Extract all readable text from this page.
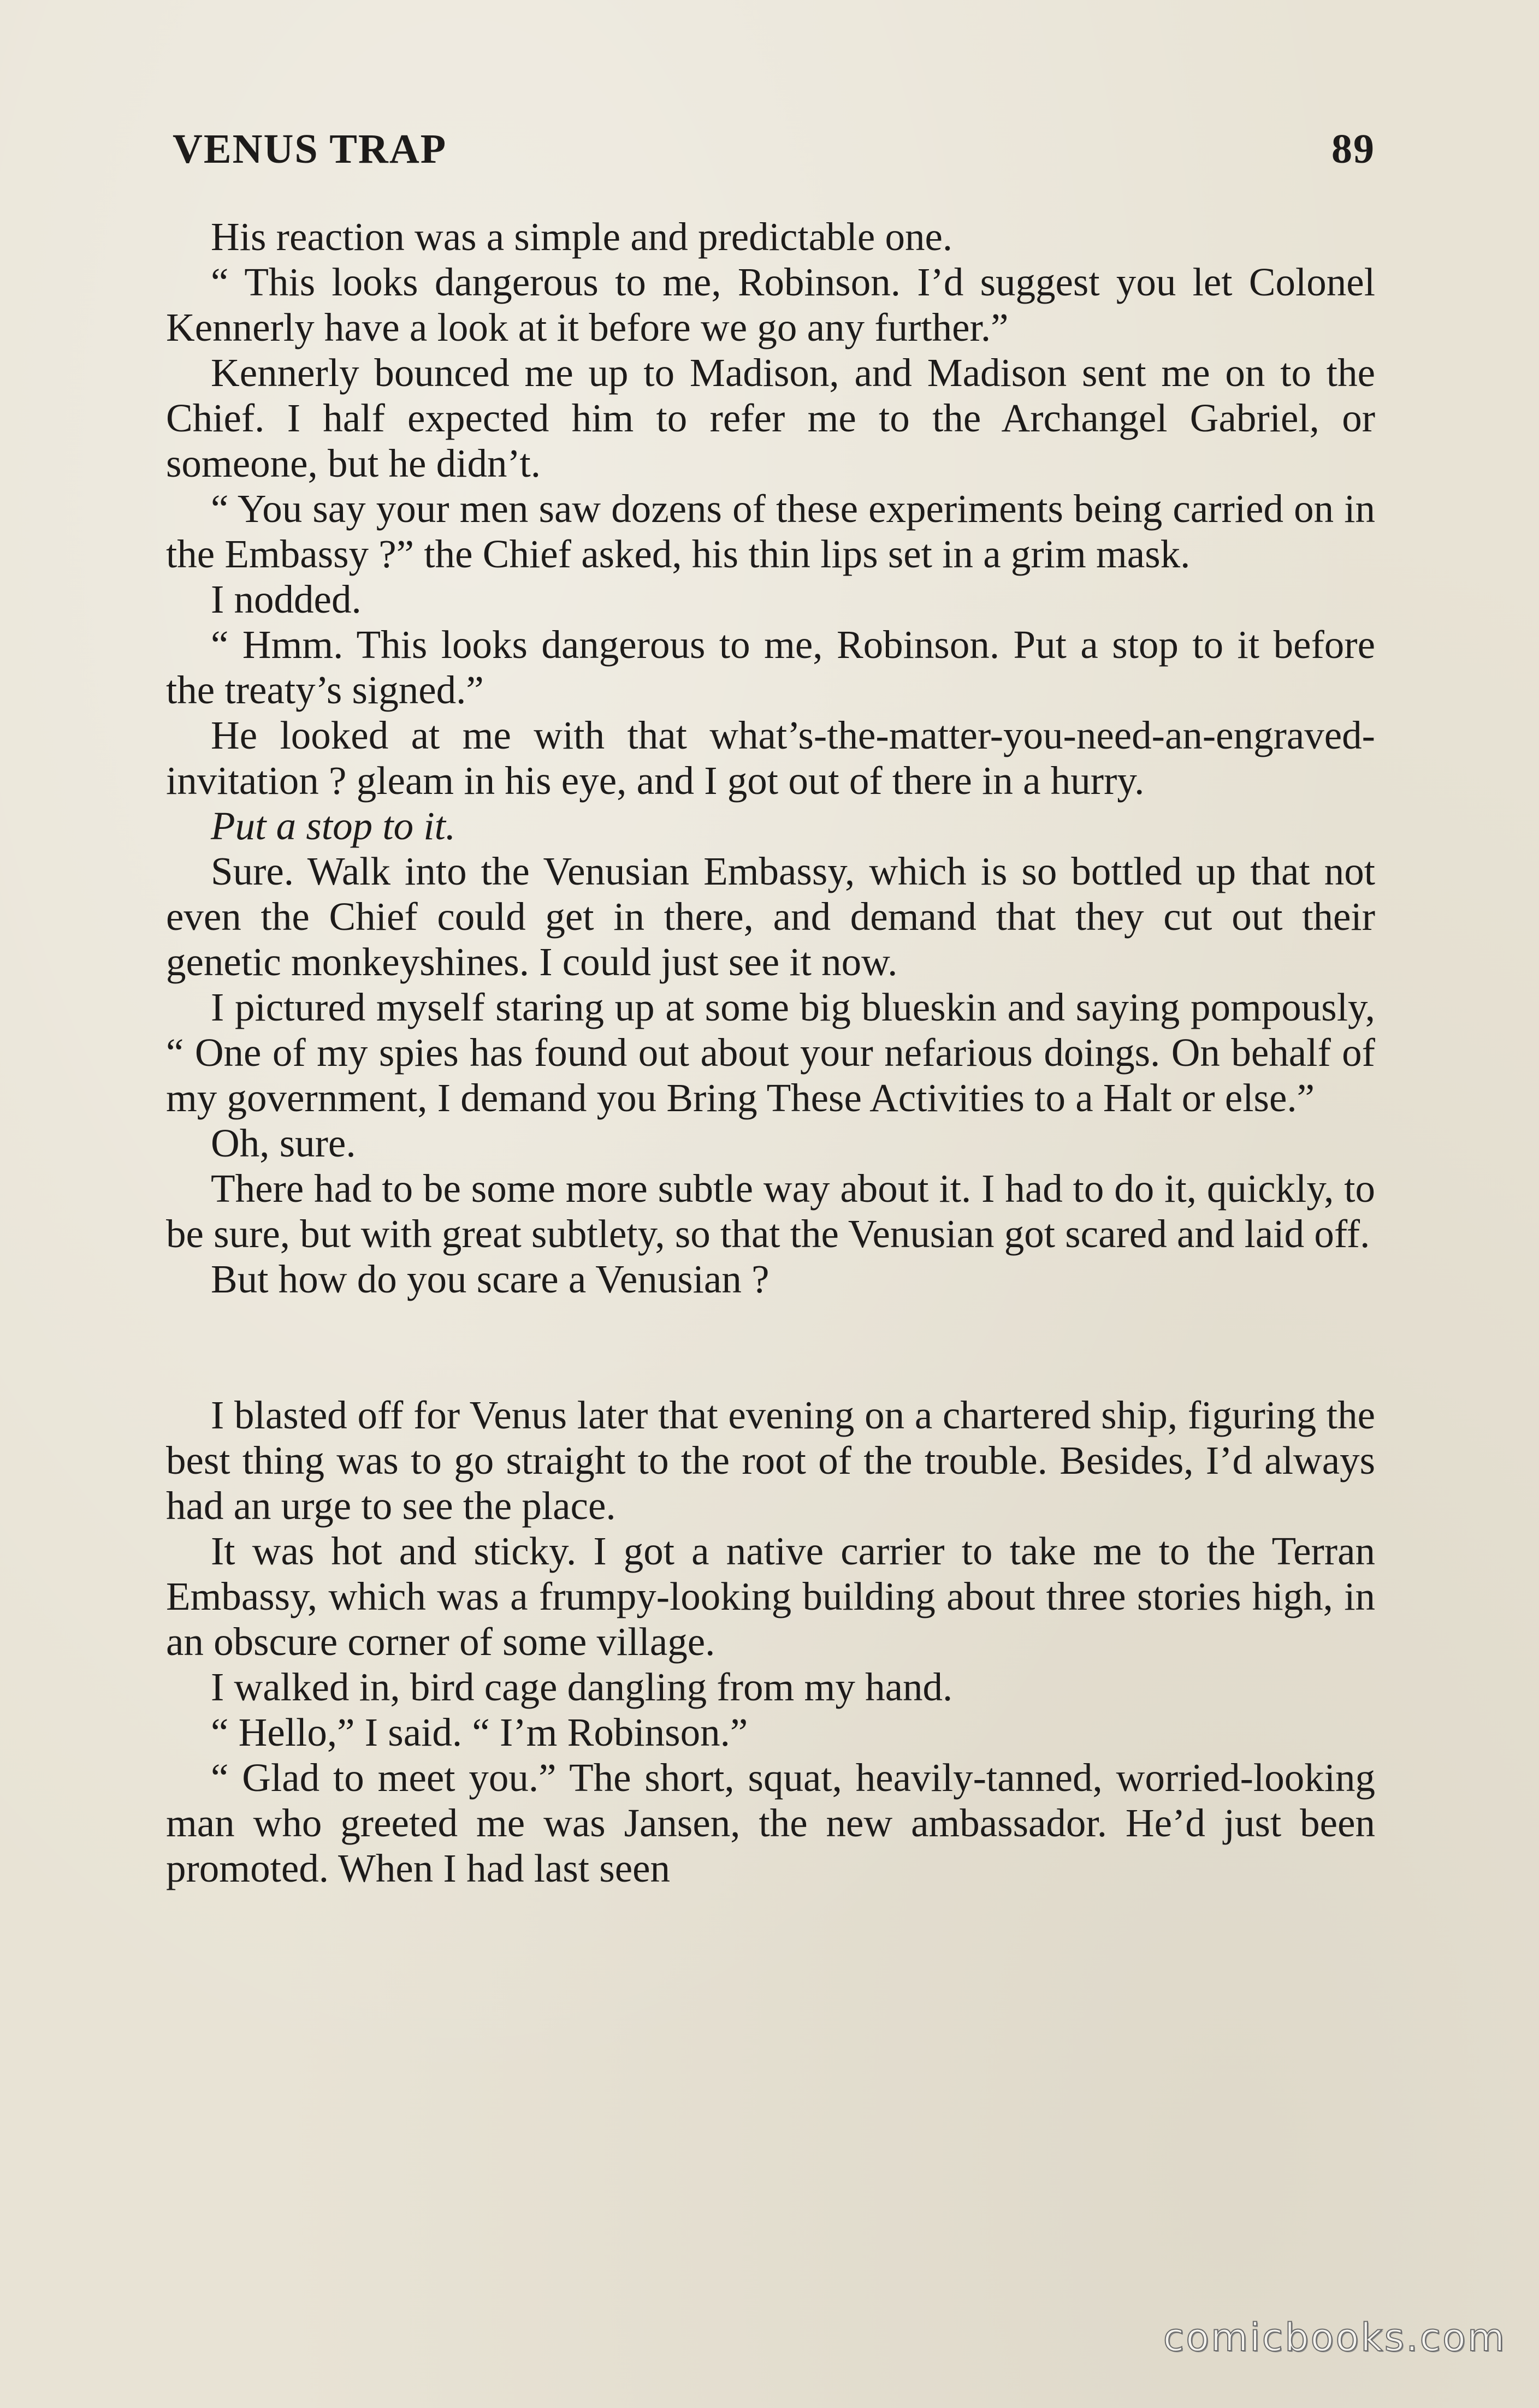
VENUS TRAP	89

His reaction was a simple and predictable one.

“ This looks dangerous to me, Robinson. I’d suggest you let Colonel Kennerly have a look at it before we go any further.”

Kennerly bounced me up to Madison, and Madison sent me on to the Chief. I half expected him to refer me to the Archangel Gabriel, or someone, but he didn’t.

“ You say your men saw dozens of these experiments being carried on in the Embassy ?” the Chief asked, his thin lips set in a grim mask.

I nodded.

“ Hmm. This looks dangerous to me, Robinson. Put a stop to it before the treaty’s signed.”

He looked at me with that what’s-the-matter-you-need-an-engraved-invitation ? gleam in his eye, and I got out of there in a hurry.

Put a stop to it.

Sure. Walk into the Venusian Embassy, which is so bottled up that not even the Chief could get in there, and demand that they cut out their genetic monkeyshines. I could just see it now.

I pictured myself staring up at some big blueskin and saying pompously, “ One of my spies has found out about your nefarious doings. On behalf of my government, I demand you Bring These Activities to a Halt or else.”

Oh, sure.

There had to be some more subtle way about it. I had to do it, quickly, to be sure, but with great subtlety, so that the Venusian got scared and laid off.

But how do you scare a Venusian ?

I blasted off for Venus later that evening on a chartered ship, figuring the best thing was to go straight to the root of the trouble. Besides, I’d always had an urge to see the place.

It was hot and sticky. I got a native carrier to take me to the Terran Embassy, which was a frumpy-looking building about three stories high, in an obscure corner of some village.

I walked in, bird cage dangling from my hand.

“ Hello,” I said. “ I’m Robinson.”

“ Glad to meet you.” The short, squat, heavily-tanned, worried-looking man who greeted me was Jansen, the new ambassador. He’d just been promoted. When I had last seen

comicbooks.com
